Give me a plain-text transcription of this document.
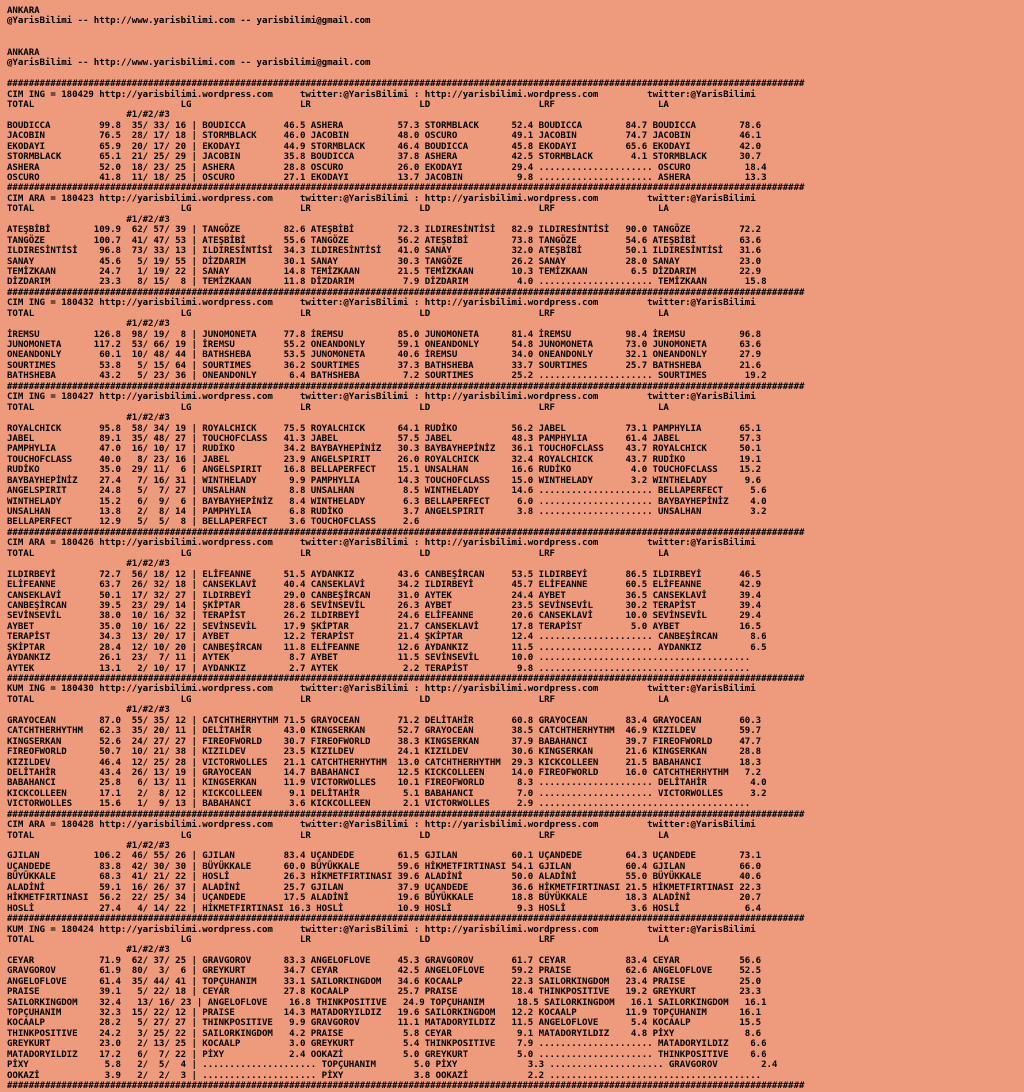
ANKARA
@YarisBilimi -- http://www.yarisbilimi.com -- yarisbilimi@gmail.com
ANKARA
@YarisBilimi -- http://www.yarisbilimi.com -- yarisbilimi@gmail.com
###################################################################################################################################################
CIM ING = 180429 http://yarisbilimi.wordpress.com     twitter:@YarisBilimi : http://yarisbilimi.wordpress.com         twitter:@YarisBilimi
TOTAL                           LG                    LR                    LD                    LRF                   LA
#1/#2/#3
BOUDICCA         99.8  35/ 33/ 16 | BOUDICCA       46.5 ASHERA          57.3 STORMBLACK      52.4 BOUDICCA        84.7 BOUDICCA        78.6
JACOBIN          76.5  28/ 17/ 18 | STORMBLACK     46.0 JACOBIN         48.0 OSCURO          49.1 JACOBIN         74.7 JACOBIN         46.1
EKODAYI          65.9  20/ 17/ 20 | EKODAYI        44.9 STORMBLACK      46.4 BOUDICCA        45.8 EKODAYI         65.6 EKODAYI         42.0
STORMBLACK       65.1  21/ 25/ 29 | JACOBIN        35.8 BOUDICCA        37.8 ASHERA          42.5 STORMBLACK       4.1 STORMBLACK      30.7
ASHERA           52.0  18/ 23/ 25 | ASHERA         28.8 OSCURO          26.0 EKODAYI         29.4 ..................... OSCURO          18.4
OSCURO           41.8  11/ 18/ 25 | OSCURO         27.1 EKODAYI         13.7 JACOBIN          9.8 ..................... ASHERA          13.3
###################################################################################################################################################
CIM ARA = 180423 http://yarisbilimi.wordpress.com     twitter:@YarisBilimi : http://yarisbilimi.wordpress.com         twitter:@YarisBilimi
TOTAL                           LG                    LR                    LD                    LRF                   LA
#1/#2/#3
ATEŞBİBİ        109.9  62/ 57/ 39 | TANGÖZE        82.6 ATEŞBİBİ        72.3 ILDIRESİNTİSİ   82.9 ILDIRESİNTİSİ   90.0 TANGÖZE         72.2
TANGÖZE         100.7  41/ 47/ 53 | ATEŞBİBİ       55.6 TANGÖZE         56.2 ATEŞBİBİ        73.8 TANGÖZE         54.6 ATEŞBİBİ        63.6
ILDIRESİNTİSİ    96.8  73/ 33/ 13 | ILDIRESİNTİSİ  34.3 ILDIRESİNTİSİ   41.0 SANAY           32.0 ATEŞBİBİ        50.1 ILDIRESİNTİSİ   31.6
SANAY            45.6   5/ 19/ 55 | DİZDARIM       30.1 SANAY           30.3 TANGÖZE         26.2 SANAY           28.0 SANAY           23.0
TEMİZKAAN        24.7   1/ 19/ 22 | SANAY          14.8 TEMİZKAAN       21.5 TEMİZKAAN       10.3 TEMİZKAAN        6.5 DİZDARIM        22.9
DİZDARIM         23.3   8/ 15/  8 | TEMİZKAAN      11.8 DİZDARIM         7.9 DİZDARIM         4.0 ..................... TEMİZKAAN       15.8
###################################################################################################################################################
CIM ING = 180432 http://yarisbilimi.wordpress.com     twitter:@YarisBilimi : http://yarisbilimi.wordpress.com         twitter:@YarisBilimi
TOTAL                           LG                    LR                    LD                    LRF                   LA
#1/#2/#3
İREMSU          126.8  98/ 19/  8 | JUNOMONETA     77.8 İREMSU          85.0 JUNOMONETA      81.4 İREMSU          98.4 İREMSU          96.8
JUNOMONETA      117.2  53/ 66/ 19 | İREMSU         55.2 ONEANDONLY      59.1 ONEANDONLY      54.8 JUNOMONETA      73.0 JUNOMONETA      63.6
ONEANDONLY       60.1  10/ 48/ 44 | BATHSHEBA      53.5 JUNOMONETA      40.6 İREMSU          34.0 ONEANDONLY      32.1 ONEANDONLY      27.9
SOURTIMES        53.8   5/ 15/ 64 | SOURTIMES      36.2 SOURTIMES       37.3 BATHSHEBA       33.7 SOURTIMES       25.7 BATHSHEBA       21.6
BATHSHEBA        43.2   5/ 23/ 36 | ONEANDONLY      6.4 BATHSHEBA        7.2 SOURTIMES       25.2 ..................... SOURTIMES       19.2
###################################################################################################################################################
CIM ING = 180427 http://yarisbilimi.wordpress.com     twitter:@YarisBilimi : http://yarisbilimi.wordpress.com         twitter:@YarisBilimi
TOTAL                           LG                    LR                    LD                    LRF                   LA
#1/#2/#3
ROYALCHICK       95.8  58/ 34/ 19 | ROYALCHICK     75.5 ROYALCHICK      64.1 RUDİKO          56.2 JABEL           73.1 PAMPHYLIA       65.1
JABEL            89.1  35/ 48/ 27 | TOUCHOFCLASS   41.3 JABEL           57.5 JABEL           48.3 PAMPHYLIA       61.4 JABEL           57.3
PAMPHYLIA        47.0  16/ 10/ 17 | RUDİKO         34.2 BAYBAYHEPİNİZ   30.3 BAYBAYHEPİNİZ   36.1 TOUCHOFCLASS    43.7 ROYALCHICK      50.1
TOUCHOFCLASS     40.0   8/ 23/ 16 | JABEL          23.9 ANGELSPIRIT     26.0 ROYALCHICK      32.4 ROYALCHICK      43.7 RUDİKO          19.1
RUDİKO           35.0  29/ 11/  6 | ANGELSPIRIT    16.8 BELLAPERFECT    15.1 UNSALHAN        16.6 RUDİKO           4.0 TOUCHOFCLASS    15.2
BAYBAYHEPİNİZ    27.4   7/ 16/ 31 | WINTHELADY      9.9 PAMPHYLIA       14.3 TOUCHOFCLASS    15.0 WINTHELADY       3.2 WINTHELADY       9.6
ANGELSPIRIT      24.8   5/  7/ 27 | UNSALHAN        8.8 UNSALHAN         8.5 WINTHELADY      14.6 ..................... BELLAPERFECT     5.6
WINTHELADY       15.2   6/  9/  6 | BAYBAYHEPİNİZ   8.4 WINTHELADY       6.3 BELLAPERFECT     6.0 ..................... BAYBAYHEPİNİZ    4.0
UNSALHAN         13.8   2/  8/ 14 | PAMPHYLIA       6.8 RUDİKO           3.7 ANGELSPIRIT      3.8 ..................... UNSALHAN         3.2
BELLAPERFECT     12.9   5/  5/  8 | BELLAPERFECT    3.6 TOUCHOFCLASS     2.6
###################################################################################################################################################
CIM ARA = 180426 http://yarisbilimi.wordpress.com     twitter:@YarisBilimi : http://yarisbilimi.wordpress.com         twitter:@YarisBilimi
TOTAL                           LG                    LR                    LD                    LRF                   LA
#1/#2/#3
ILDIRBEYİ        72.7  56/ 18/ 12 | ELİFEANNE      51.5 AYDANKIZ        43.6 CANBEŞİRCAN     53.5 ILDIRBEYİ       86.5 ILDIRBEYİ       46.5
ELİFEANNE        63.7  26/ 32/ 18 | CANSEKLAVİ     40.4 CANSEKLAVİ      34.2 ILDIRBEYİ       45.7 ELİFEANNE       60.5 ELİFEANNE       42.9
CANSEKLAVİ       50.1  17/ 32/ 27 | ILDIRBEYİ      29.0 CANBEŞİRCAN     31.0 AYTEK           24.4 AYBET           36.5 CANSEKLAVİ      39.4
CANBEŞİRCAN      39.5  23/ 29/ 14 | ŞKİPTAR        28.6 SEVİNSEVİL      26.3 AYBET           23.5 SEVİNSEVİL      30.2 TERAPİST        39.4
SEVİNSEVİL       38.0  10/ 16/ 32 | TERAPİST       26.2 ILDIRBEYİ       24.6 ELİFEANNE       20.6 CANSEKLAVİ      10.0 SEVİNSEVİL      29.4
AYBET            35.0  10/ 16/ 22 | SEVİNSEVİL     17.9 ŞKİPTAR         21.7 CANSEKLAVİ      17.8 TERAPİST         5.0 AYBET           16.5
TERAPİST         34.3  13/ 20/ 17 | AYBET          12.2 TERAPİST        21.4 ŞKİPTAR         12.4 ..................... CANBEŞİRCAN      8.6
ŞKİPTAR          28.4  12/ 10/ 20 | CANBEŞİRCAN    11.8 ELİFEANNE       12.6 AYDANKIZ        11.5 ..................... AYDANKIZ         6.5
AYDANKIZ         26.1  23/  7/ 11 | AYTEK           8.7 AYBET           11.5 SEVİNSEVİL      10.0 .......................................
AYTEK            13.1   2/ 10/ 17 | AYDANKIZ        2.7 AYTEK            2.2 TERAPİST         9.8 .......................................
###################################################################################################################################################
KUM ING = 180430 http://yarisbilimi.wordpress.com     twitter:@YarisBilimi : http://yarisbilimi.wordpress.com         twitter:@YarisBilimi
TOTAL                           LG                    LR                    LD                    LRF                   LA
#1/#2/#3
GRAYOCEAN        87.0  55/ 35/ 12 | CATCHTHERHYTHM 71.5 GRAYOCEAN       71.2 DELİTAHİR       60.8 GRAYOCEAN       83.4 GRAYOCEAN       60.3
CATCHTHERHYTHM   62.3  35/ 20/ 11 | DELİTAHİR      43.0 KINGSERKAN      52.7 GRAYOCEAN       38.5 CATCHTHERHYTHM  46.9 KIZILDEV        59.7
KINGSERKAN       52.6  24/ 27/ 27 | FIREOFWORLD    30.7 FIREOFWORLD     38.3 KINGSERKAN      37.9 BABAHANCI       39.7 FIREOFWORLD     47.7
FIREOFWORLD      50.7  10/ 21/ 38 | KIZILDEV       23.5 KIZILDEV        24.1 KIZILDEV        30.6 KINGSERKAN      21.6 KINGSERKAN      28.8
KIZILDEV         46.4  12/ 25/ 28 | VICTORWOLLES   21.1 CATCHTHERHYTHM  13.0 CATCHTHERHYTHM  29.3 KICKCOLLEEN     21.5 BABAHANCI       18.3
DELİTAHİR        43.4  26/ 13/ 19 | GRAYOCEAN      14.7 BABAHANCI       12.5 KICKCOLLEEN     14.0 FIREOFWORLD     16.0 CATCHTHERHYTHM   7.2
BABAHANCI        25.8   6/ 13/ 11 | KINGSERKAN     11.9 VICTORWOLLES    10.1 FIREOFWORLD      8.3 ..................... DELİTAHİR        4.0
KICKCOLLEEN      17.1   2/  8/ 12 | KICKCOLLEEN     9.1 DELİTAHİR        5.1 BABAHANCI        7.0 ..................... VICTORWOLLES     3.2
VICTORWOLLES     15.6   1/  9/ 13 | BABAHANCI       3.6 KICKCOLLEEN      2.1 VICTORWOLLES     2.9 .......................................
###################################################################################################################################################
CIM ARA = 180428 http://yarisbilimi.wordpress.com     twitter:@YarisBilimi : http://yarisbilimi.wordpress.com         twitter:@YarisBilimi
TOTAL                           LG                    LR                    LD                    LRF                   LA
#1/#2/#3
GJILAN          106.2  46/ 55/ 26 | GJILAN         83.4 UÇANDEDE        61.5 GJILAN          60.1 UÇANDEDE        64.3 UÇANDEDE        73.1
UÇANDEDE         83.8  42/ 30/ 30 | BÜYÜKKALE      60.0 BÜYÜKKALE       59.6 HİKMETFIRTINASI 54.1 GJILAN          60.4 GJILAN          66.0
BÜYÜKKALE        68.3  41/ 21/ 22 | HOSLİ          26.3 HİKMETFIRTINASI 39.6 ALADİNİ         50.0 ALADİNİ         55.0 BÜYÜKKALE       40.6
ALADİNİ          59.1  16/ 26/ 37 | ALADİNİ        25.7 GJILAN          37.9 UÇANDEDE        36.6 HİKMETFIRTINASI 21.5 HİKMETFIRTINASI 22.3
HİKMETFIRTINASI  56.2  22/ 25/ 34 | UÇANDEDE       17.5 ALADİNİ         19.6 BÜYÜKKALE       18.8 BÜYÜKKALE       18.3 ALADİNİ         20.7
HOSLİ            27.4   4/ 14/ 22 | HİKMETFIRTINASI 16.3 HOSLİ          10.9 HOSLİ            9.3 HOSLİ            3.6 HOSLİ            6.4
###################################################################################################################################################
KUM ING = 180424 http://yarisbilimi.wordpress.com     twitter:@YarisBilimi : http://yarisbilimi.wordpress.com         twitter:@YarisBilimi
TOTAL                           LG                    LR                    LD                    LRF                   LA
#1/#2/#3
CEYAR            71.9  62/ 37/ 25 | GRAVGOROV      83.3 ANGELOFLOVE     45.3 GRAVGOROV       61.7 CEYAR           83.4 CEYAR           56.6
GRAVGOROV        61.9  80/  3/  6 | GREYKURT       34.7 CEYAR           42.5 ANGELOFLOVE     59.2 PRAISE          62.6 ANGELOFLOVE     52.5
ANGELOFLOVE      61.4  35/ 44/ 41 | TOPÇUHANIM     33.1 SAILORKINGDOM   34.6 KOCAALP         22.3 SAILORKINGDOM   23.4 PRAISE          25.0
PRAISE           39.1   5/ 22/ 18 | CEYAR          27.8 KOCAALP         25.7 PRAISE          18.4 THINKPOSITIVE   19.2 GREYKURT        23.3
SAILORKINGDOM    32.4   13/ 16/ 23 | ANGELOFLOVE    16.8 THINKPOSITIVE   24.9 TOPÇUHANIM      18.5 SAILORKINGDOM   16.1 SAILORKINGDOM   16.1
TOPÇUHANIM       32.3  15/ 22/ 12 | PRAISE         14.3 MATADORYILDIZ   19.6 SAILORKINGDOM   12.2 KOCAALP         11.9 TOPÇUHANIM      16.1
KOCAALP          28.2   5/ 27/ 27 | THINKPOSITIVE   9.9 GRAVGOROV       11.1 MATADORYILDIZ   11.5 ANGELOFLOVE      5.4 KOCAALP         15.5
THINKPOSITIVE    24.2   3/ 25/ 22 | SAILORKINGDOM   4.2 PRAISE           5.8 CEYAR            9.1 MATADORYILDIZ    4.8 PİXY             8.6
GREYKURT         23.0   2/ 13/ 25 | KOCAALP         3.0 GREYKURT         5.4 THINKPOSITIVE    7.9 ..................... MATADORYILDIZ    6.6
MATADORYILDIZ    17.2   6/  7/ 22 | PİXY            2.4 OOKAZİ           5.0 GREYKURT         5.0 ..................... THINKPOSITIVE    6.6
PİXY              5.8   2/  5/  4 | ..................... TOPÇUHANIM       5.0 PİXY             3.3 ..................... GRAVGOROV        2.4
OOKAZİ            3.9   2/  2/  3 | ..................... PİXY             3.8 OOKAZİ           2.2 .......................................
###################################################################################################################################################
